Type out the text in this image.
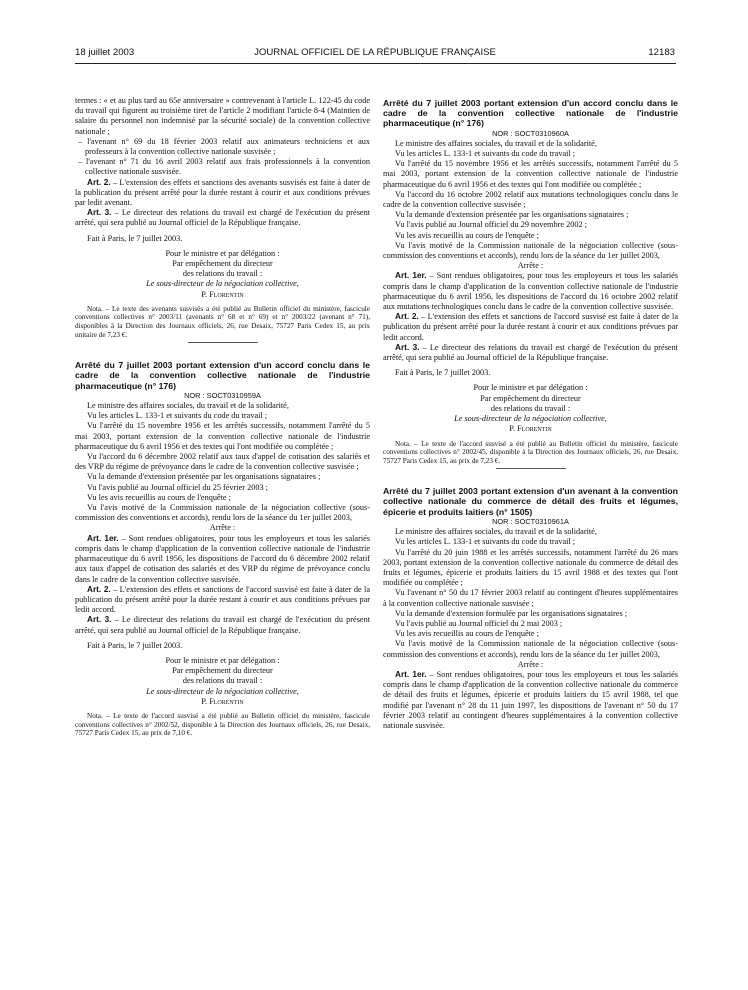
18 juillet 2003	JOURNAL OFFICIEL DE LA RÉPUBLIQUE FRANÇAISE	12183

termes : « et au plus tard au 65e anniversaire » contrevenant à l'article L. 122-45 du code du travail qui figurent au troisième tiret de l'article 2 modifiant l'article 8-4 (Maintien de salaire du personnel non indemnisé par la sécurité sociale) de la convention collective nationale ;

– l'avenant n° 69 du 18 février 2003 relatif aux animateurs techniciens et aux professeurs à la convention collective nationale susvisée ;

– l'avenant n° 71 du 16 avril 2003 relatif aux frais professionnels à la convention collective nationale susvisée.

Art. 2. – L'extension des effets et sanctions des avenants susvisés est faite à dater de la publication du présent arrêté pour la durée restant à courir et aux conditions prévues par ledit avenant.

Art. 3. – Le directeur des relations du travail est chargé de l'exécution du présent arrêté, qui sera publié au Journal officiel de la République française.

Fait à Paris, le 7 juillet 2003.

Pour le ministre et par délégation :
Par empêchement du directeur
des relations du travail :
Le sous-directeur de la négociation collective,
P. Florentin

Nota. – Le texte des avenants susvisés a été publié au Bulletin officiel du ministère, fascicule conventions collectives n° 2003/11 (avenants n° 68 et n° 69) et n° 2003/22 (avenant n° 71), disponibles à la Direction des Journaux officiels, 26, rue Desaix, 75727 Paris Cedex 15, au prix unitaire de 7,23 €.

Arrêté du 7 juillet 2003 portant extension d'un accord conclu dans le cadre de la convention collective nationale de l'industrie pharmaceutique (n° 176)

NOR : SOCT0310959A

Le ministre des affaires sociales, du travail et de la solidarité,

Vu les articles L. 133-1 et suivants du code du travail ;

Vu l'arrêté du 15 novembre 1956 et les arrêtés successifs, notamment l'arrêté du 5 mai 2003, portant extension de la convention collective nationale de l'industrie pharmaceutique du 6 avril 1956 et des textes qui l'ont modifiée ou complétée ;

Vu l'accord du 6 décembre 2002 relatif aux taux d'appel de cotisation des salariés et des VRP du régime de prévoyance dans le cadre de la convention collective susvisée ;

Vu la demande d'extension présentée par les organisations signataires ;

Vu l'avis publié au Journal officiel du 25 février 2003 ;

Vu les avis recueillis au cours de l'enquête ;

Vu l'avis motivé de la Commission nationale de la négociation collective (sous-commission des conventions et accords), rendu lors de la séance du 1er juillet 2003,

Arrête :

Art. 1er. – Sont rendues obligatoires, pour tous les employeurs et tous les salariés compris dans le champ d'application de la convention collective nationale de l'industrie pharmaceutique du 6 avril 1956, les dispositions de l'accord du 6 décembre 2002 relatif aux taux d'appel de cotisation des salariés et des VRP du régime de prévoyance conclu dans le cadre de la convention collective susvisée.

Art. 2. – L'extension des effets et sanctions de l'accord susvisé est faite à dater de la publication du présent arrêté pour la durée restant à courir et aux conditions prévues par ledit accord.

Art. 3. – Le directeur des relations du travail est chargé de l'exécution du présent arrêté, qui sera publié au Journal officiel de la République française.

Fait à Paris, le 7 juillet 2003.

Pour le ministre et par délégation :
Par empêchement du directeur
des relations du travail :
Le sous-directeur de la négociation collective,
P. Florentin

Nota. – Le texte de l'accord susvisé a été publié au Bulletin officiel du ministère, fascicule conventions collectives n° 2002/52, disponible à la Direction des Journaux officiels, 26, rue Desaix, 75727 Paris Cedex 15, au prix de 7,10 €.

Arrêté du 7 juillet 2003 portant extension d'un accord conclu dans le cadre de la convention collective nationale de l'industrie pharmaceutique (n° 176)

NOR : SOCT0310960A

Le ministre des affaires sociales, du travail et de la solidarité,

Vu les articles L. 133-1 et suivants du code du travail ;

Vu l'arrêté du 15 novembre 1956 et les arrêtés successifs, notamment l'arrêté du 5 mai 2003, portant extension de la convention collective nationale de l'industrie pharmaceutique du 6 avril 1956 et des textes qui l'ont modifiée ou complétée ;

Vu l'accord du 16 octobre 2002 relatif aux mutations technologiques conclu dans le cadre de la convention collective susvisée ;

Vu la demande d'extension présentée par les organisations signataires ;

Vu l'avis publié au Journal officiel du 29 novembre 2002 ;

Vu les avis recueillis au cours de l'enquête ;

Vu l'avis motivé de la Commission nationale de la négociation collective (sous-commission des conventions et accords), rendu lors de la séance du 1er juillet 2003,

Arrête :

Art. 1er. – Sont rendues obligatoires, pour tous les employeurs et tous les salariés compris dans le champ d'application de la convention collective nationale de l'industrie pharmaceutique du 6 avril 1956, les dispositions de l'accord du 16 octobre 2002 relatif aux mutations technologiques conclu dans le cadre de la convention collective susvisée.

Art. 2. – L'extension des effets et sanctions de l'accord susvisé est faite à dater de la publication du présent arrêté pour la durée restant à courir et aux conditions prévues par ledit accord.

Art. 3. – Le directeur des relations du travail est chargé de l'exécution du présent arrêté, qui sera publié au Journal officiel de la République française.

Fait à Paris, le 7 juillet 2003.

Pour le ministre et par délégation :
Par empêchement du directeur
des relations du travail :
Le sous-directeur de la négociation collective,
P. Florentin

Nota. – Le texte de l'accord susvisé a été publié au Bulletin officiel du ministère, fascicule conventions collectives n° 2002/45, disponible à la Direction des Journaux officiels, 26, rue Desaix, 75727 Paris Cedex 15, au prix de 7,23 €.

Arrêté du 7 juillet 2003 portant extension d'un avenant à la convention collective nationale du commerce de détail des fruits et légumes, épicerie et produits laitiers (n° 1505)

NOR : SOCT0310961A

Le ministre des affaires sociales, du travail et de la solidarité,

Vu les articles L. 133-1 et suivants du code du travail ;

Vu l'arrêté du 20 juin 1988 et les arrêtés successifs, notamment l'arrêté du 26 mars 2003, portant extension de la convention collective nationale du commerce de détail des fruits et légumes, épicerie et produits laitiers du 15 avril 1988 et des textes qui l'ont modifiée ou complétée ;

Vu l'avenant n° 50 du 17 février 2003 relatif au contingent d'heures supplémentaires à la convention collective nationale susvisée ;

Vu la demande d'extension formulée par les organisations signataires ;

Vu l'avis publié au Journal officiel du 2 mai 2003 ;

Vu les avis recueillis au cours de l'enquête ;

Vu l'avis motivé de la Commission nationale de la négociation collective (sous-commission des conventions et accords), rendu lors de la séance du 1er juillet 2003,

Arrête :

Art. 1er. – Sont rendues obligatoires, pour tous les employeurs et tous les salariés compris dans le champ d'application de la convention collective nationale du commerce de détail des fruits et légumes, épicerie et produits laitiers du 15 avril 1988, tel que modifié par l'avenant n° 28 du 11 juin 1997, les dispositions de l'avenant n° 50 du 17 février 2003 relatif au contingent d'heures supplémentaires à la convention collective nationale susvisée.
